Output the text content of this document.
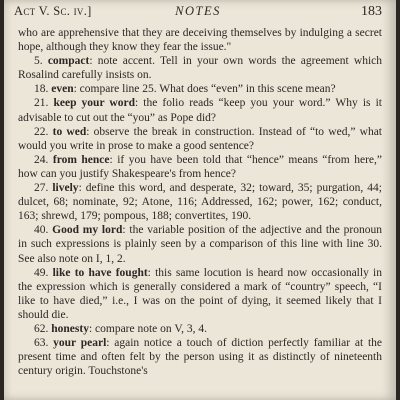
Act V. Sc. iv.]	NOTES	183

who are apprehensive that they are deceiving themselves by indulging a secret hope, although they know they fear the issue."

5. compact: note accent. Tell in your own words the agreement which Rosalind carefully insists on.

18. even: compare line 25. What does “even” in this scene mean?

21. keep your word: the folio reads “keep you your word.” Why is it advisable to cut out the “you” as Pope did?

22. to wed: observe the break in construction. Instead of “to wed,” what would you write in prose to make a good sentence?

24. from hence: if you have been told that “hence” means “from here,” how can you justify Shakespeare's from hence?

27. lively: define this word, and desperate, 32; toward, 35; purgation, 44; dulcet, 68; nominate, 92; Atone, 116; Addressed, 162; power, 162; conduct, 163; shrewd, 179; pompous, 188; convertites, 190.

40. Good my lord: the variable position of the adjective and the pronoun in such expressions is plainly seen by a comparison of this line with line 30. See also note on I, 1, 2.

49. like to have fought: this same locution is heard now occasionally in the expression which is generally considered a mark of “country” speech, “I like to have died,” i.e., I was on the point of dying, it seemed likely that I should die.

62. honesty: compare note on V, 3, 4.

63. your pearl: again notice a touch of diction perfectly familiar at the present time and often felt by the person using it as distinctly of nineteenth century origin. Touchstone's
